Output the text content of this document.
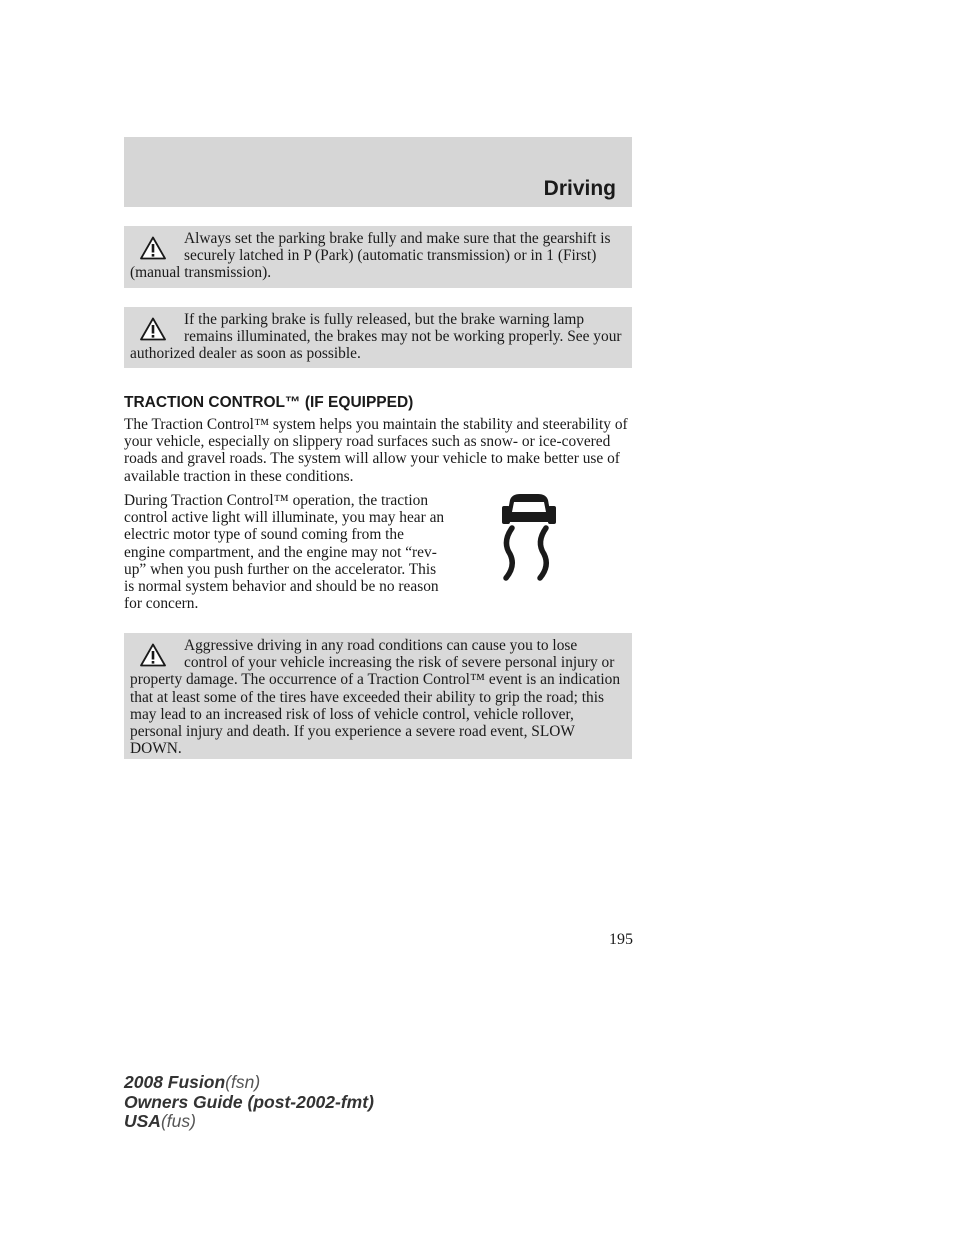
Driving

Always set the parking brake fully and make sure that the gearshift is securely latched in P (Park) (automatic transmission) or in 1 (First) (manual transmission).

If the parking brake is fully released, but the brake warning lamp remains illuminated, the brakes may not be working properly. See your authorized dealer as soon as possible.

TRACTION CONTROL™ (IF EQUIPPED)

The Traction Control™ system helps you maintain the stability and steerability of your vehicle, especially on slippery road surfaces such as snow- or ice-covered roads and gravel roads. The system will allow your vehicle to make better use of available traction in these conditions.

During Traction Control™ operation, the traction control active light will illuminate, you may hear an electric motor type of sound coming from the engine compartment, and the engine may not “rev-up” when you push further on the accelerator. This is normal system behavior and should be no reason for concern.

Aggressive driving in any road conditions can cause you to lose control of your vehicle increasing the risk of severe personal injury or property damage. The occurrence of a Traction Control™ event is an indication that at least some of the tires have exceeded their ability to grip the road; this may lead to an increased risk of loss of vehicle control, vehicle rollover, personal injury and death. If you experience a severe road event, SLOW DOWN.

195
2008 Fusion(fsn)
Owners Guide (post-2002-fmt)
USA(fus)
